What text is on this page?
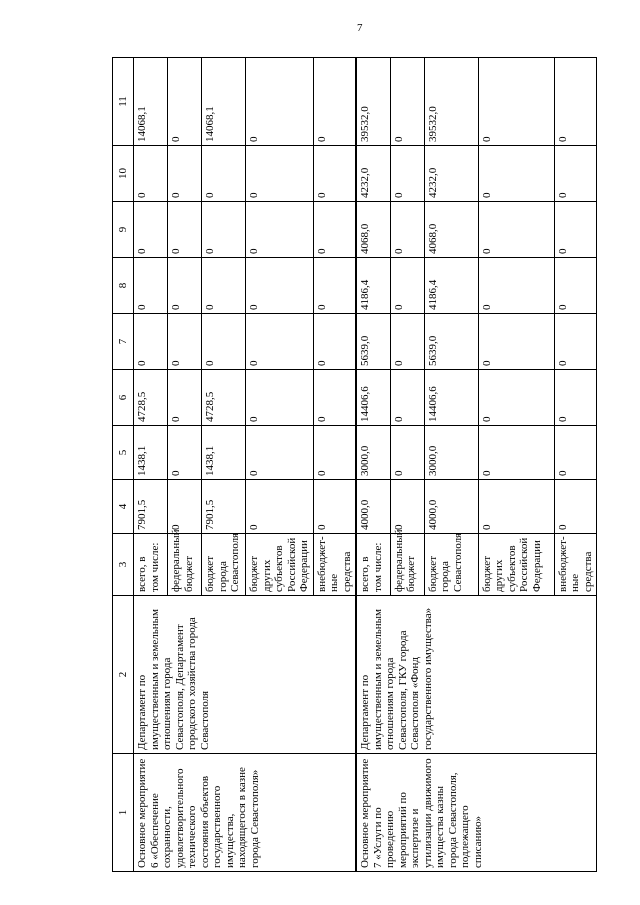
7
1	2	3	4	5	6	7	8	9	10	11
Основное мероприятие 6 «Обеспечение сохранности, удовлетворительного технического состояния объектов государственного имущества, находящегося в казне города Севастополя»	Департамент по имущественным и земельным отношениям города Севастополя, Департамент городского хозяйства города Севастополя	всего, в том числе:	7901,5	1438,1	4728,5	0	0	0	0	14068,1
		федеральный бюджет	0	0	0	0	0	0	0	0
		бюджет города Севастополя	7901,5	1438,1	4728,5	0	0	0	0	14068,1
		бюджет других субъектов Российской Федерации	0	0	0	0	0	0	0	0
		внебюджет-ные средства	0	0	0	0	0	0	0	0
Основное мероприятие 7 «Услуги по проведению мероприятий по экспертизе и утилизации движимого имущества казны города Севастополя, подлежащего списанию»	Департамент по имущественным и земельным отношениям города Севастополя, ГКУ города Севастополя «Фонд государственного имущества»	всего, в том числе:	4000,0	3000,0	14406,6	5639,0	4186,4	4068,0	4232,0	39532,0
		федеральный бюджет	0	0	0	0	0	0	0	0
		бюджет города Севастополя	4000,0	3000,0	14406,6	5639,0	4186,4	4068,0	4232,0	39532,0
		бюджет других субъектов Российской Федерации	0	0	0	0	0	0	0	0
		внебюджет-ные средства	0	0	0	0	0	0	0	0
